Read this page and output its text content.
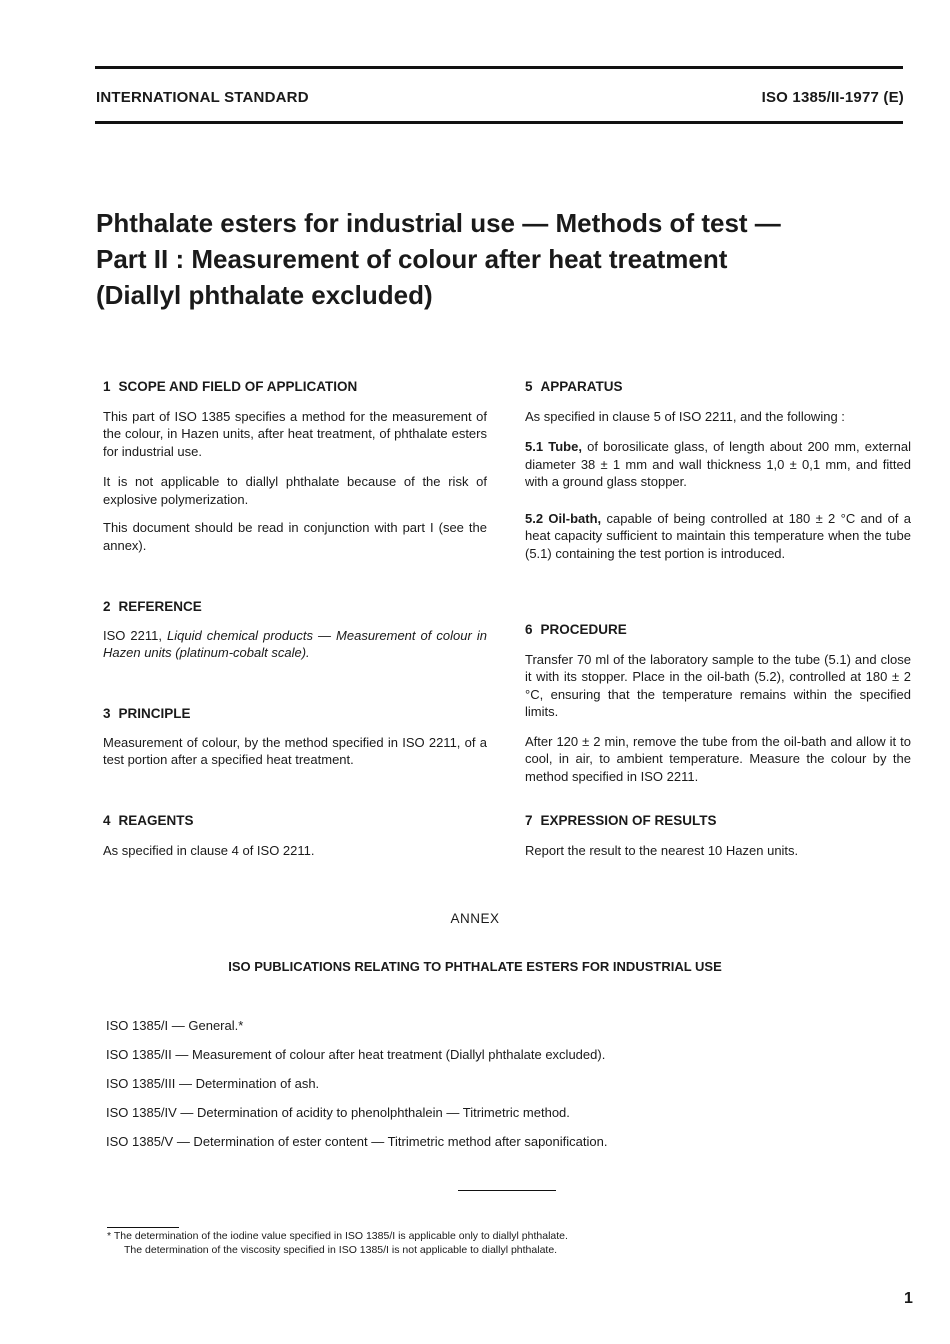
INTERNATIONAL STANDARD	ISO 1385/II-1977 (E)
Phthalate esters for industrial use — Methods of test —
Part II : Measurement of colour after heat treatment
(Diallyl phthalate excluded)

1 SCOPE AND FIELD OF APPLICATION

This part of ISO 1385 specifies a method for the measurement of the colour, in Hazen units, after heat treatment, of phthalate esters for industrial use.

It is not applicable to diallyl phthalate because of the risk of explosive polymerization.

This document should be read in conjunction with part I (see the annex).

2 REFERENCE

ISO 2211, Liquid chemical products — Measurement of colour in Hazen units (platinum-cobalt scale).

3 PRINCIPLE

Measurement of colour, by the method specified in ISO 2211, of a test portion after a specified heat treatment.

4 REAGENTS

As specified in clause 4 of ISO 2211.

5 APPARATUS

As specified in clause 5 of ISO 2211, and the following :

5.1 Tube, of borosilicate glass, of length about 200 mm, external diameter 38 ± 1 mm and wall thickness 1,0 ± 0,1 mm, and fitted with a ground glass stopper.

5.2 Oil-bath, capable of being controlled at 180 ± 2 °C and of a heat capacity sufficient to maintain this temperature when the tube (5.1) containing the test portion is introduced.

6 PROCEDURE

Transfer 70 ml of the laboratory sample to the tube (5.1) and close it with its stopper. Place in the oil-bath (5.2), controlled at 180 ± 2 °C, ensuring that the temperature remains within the specified limits.

After 120 ± 2 min, remove the tube from the oil-bath and allow it to cool, in air, to ambient temperature. Measure the colour by the method specified in ISO 2211.

7 EXPRESSION OF RESULTS

Report the result to the nearest 10 Hazen units.

ANNEX
ISO PUBLICATIONS RELATING TO PHTHALATE ESTERS FOR INDUSTRIAL USE
ISO 1385/I — General.*
ISO 1385/II — Measurement of colour after heat treatment (Diallyl phthalate excluded).
ISO 1385/III — Determination of ash.
ISO 1385/IV — Determination of acidity to phenolphthalein — Titrimetric method.
ISO 1385/V — Determination of ester content — Titrimetric method after saponification.
* The determination of the iodine value specified in ISO 1385/I is applicable only to diallyl phthalate.
The determination of the viscosity specified in ISO 1385/I is not applicable to diallyl phthalate.
1
